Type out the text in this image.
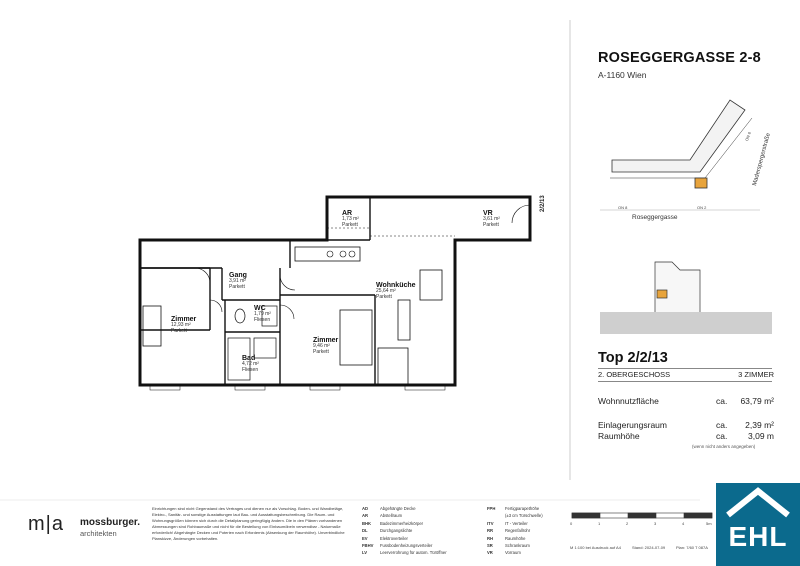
AR
1,73 m²
Parkett
VR
3,61 m²
Parkett
Gang
3,91 m²
Parkett	Wohnküche
25,64 m²
Parkett
Zimmer
12,93 m²
Parkett
WC
1,79 m²
Fliesen
Zimmer
9,46 m²
Parkett
Bad
4,72 m²
Fliesen
2/2/13
ROSEGGERGASSE 2-8
A-1160 Wien
Roseggergasse
Maderspergerstraße
ON 8	ON 2
ON 6
Top 2/2/13
2. OBERGESCHOSS	3 ZIMMER
Wohnnutzfläche	ca. 63,79 m²
Einlagerungsraum	ca. 2,39 m²
Raumhöhe	ca. 3,09 m
(wenn nicht anders angegeben)
m|a mossburger.
architekten
Einrichtungen sind nicht Gegenstand des Vertrages und dienen nur als Vorschlag. Boden- und Wandbeläge, Elektro-, Sanitär- und sonstige Ausstattungen laut Bau- und Ausstattungsbeschreibung. Die Raum- und Wohnungsgrößen können sich durch die Detailplanung geringfügig ändern. Die in den Plänen vorhandenen Abmessungen sind Rohbaumaße und nicht für die Bestellung von Einbaumöbeln verwendbar - Naturmaße erforderlich! Abgehängte Decken und Poterien nach Erfordernis (Absenkung der Raumhöhe). Unverbindliche Planskizze, Änderungen vorbehalten.
AD	Abgehängte Decke
AR	Abstellraum
BHK Badezimmerheizkörper
DL	Durchgangslichte
EV	Elektroverteiler
FBHV Fussbodenheizungsverteiler
LV	Leerverrohrung für autom. Türöffner
FPH Fertigparapethöhe
(±3 cm Türschwelle)
ITV	IT - Verteiler
RR	Regenfallrohr
RH	Raumhöhe
SR	Schrankraum
VR	Vorraum
0	1	2	3	4	5m
M 1:100 bei Ausdruck auf A4	Stand: 2024-07-09	Plan: 7/60 T 087A EHL
